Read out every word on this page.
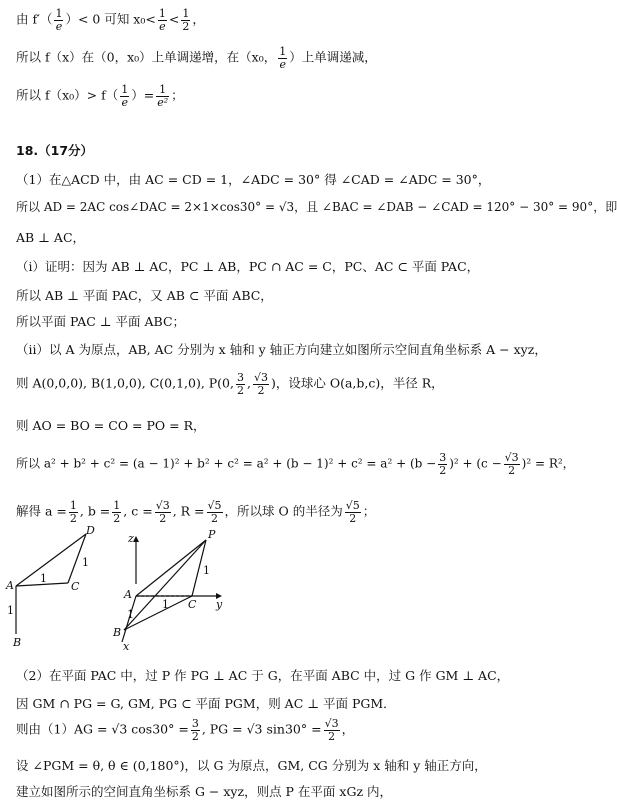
由 $f'( \frac{1}{e}$ ）< 0 可知 $x_0< \frac{1}{e} < \frac{1}{2}$ ，
所以 f（x）在（0，x₀）上单调递增，在（x₀， $\frac{1}{e}$ ）上单调递减，
所以 $f(x_0)> f( \frac{1}{e}$ ）= $\frac{1}{\text{e²}}$ ；
18.（17分）
（1）在△ACD 中，由 AC = CD = 1，∠ADC = 30° 得 ∠CAD = ∠ADC = 30°，
所以 AD = 2AC cos∠DAC = 2×1×cos30° = √3，且 ∠BAC = ∠DAB − ∠CAD = 120° − 30° = 90°，即
AB ⊥ AC，
（i）证明：因为 AB ⊥ AC，PC ⊥ AB，PC ∩ AC = C，PC、AC ⊂ 平面 PAC，
所以 AB ⊥ 平面 PAC，又 AB ⊂ 平面 ABC，
所以平面 PAC ⊥ 平面 ABC；
（ii）以 A 为原点，AB, AC 分别为 x 轴和 y 轴正方向建立如图所示空间直角坐标系 A − xyz，
则 A(0,0,0), B(1,0,0), C(0,1,0), P(0, $\frac{3}{2}$ , $\frac{√3}{2}$ )，设球心 O(a,b,c)，半径 R，
则 AO = BO = CO = PO = R，
所以 $a^2 + b^2 + c^2 = (a - 1)^2 + b^2 + c^2 = a^2 + (b - 1)^2 + c^2 = a^2 + (b - \frac{3}{2} )^2 + (c - \frac{√3}{2} )^2 = R^2$，
解得 $a = \frac{1}{2}$ , $b = \frac{1}{2}$ , $c = \frac{√3}{2}$ , $R = \frac{√5}{2}$ ，所以球 O 的半径为 $\frac{√5}{2}$ ；
D
A	C
B
1
1
1
z	P
A
C y
B
x
1
1
1
（2）在平面 PAC 中，过 P 作 PG ⊥ AC 于 G，在平面 ABC 中，过 G 作 GM ⊥ AC，
因 GM ∩ PG = G, GM, PG ⊂ 平面 PGM，则 AC ⊥ 平面 PGM．
则由（1）AG = √3 $\cos 30^\circ = \frac{3}{2}$ , PG = √3 $\sin 30^\circ = \frac{√3}{2}$ ，
设 ∠PGM = θ, θ ∈ (0,180°)，以 G 为原点，GM, CG 分别为 x 轴和 y 轴正方向，
建立如图所示的空间直角坐标系 G − xyz，则点 P 在平面 xGz 内，
